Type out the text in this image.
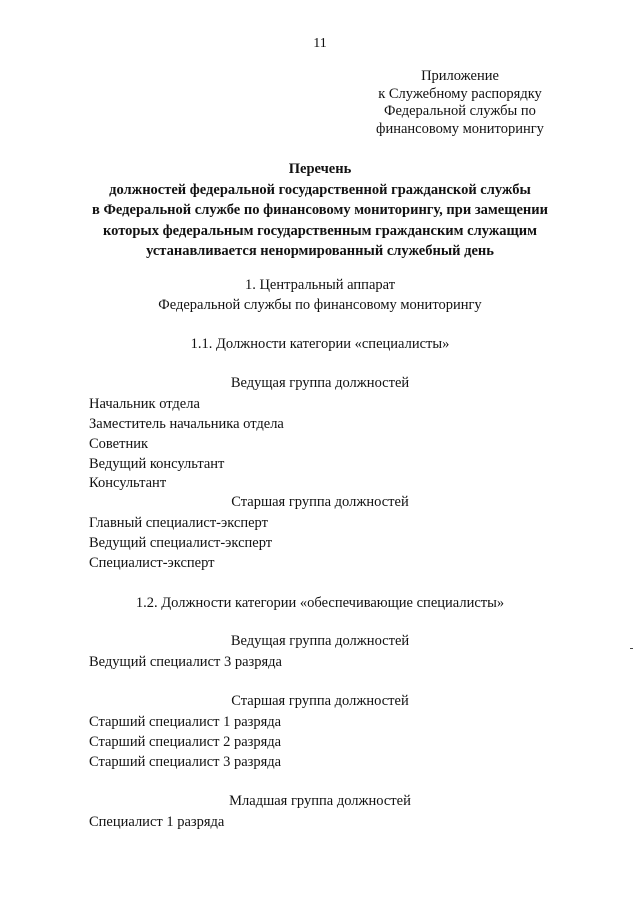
11
Приложение
к Служебному распорядку
Федеральной службы по
финансовому мониторингу
Перечень
должностей федеральной государственной гражданской службы
в Федеральной службе по финансовому мониторингу, при замещении
которых федеральным государственным гражданским служащим
устанавливается ненормированный служебный день
1. Центральный аппарат
Федеральной службы по финансовому мониторингу
1.1. Должности категории «специалисты»
Ведущая группа должностей
Начальник отдела
Заместитель начальника отдела
Советник
Ведущий консультант
Консультант
Старшая группа должностей
Главный специалист-эксперт
Ведущий специалист-эксперт
Специалист-эксперт
1.2. Должности категории «обеспечивающие специалисты»
Ведущая группа должностей
Ведущий специалист 3 разряда
Старшая группа должностей
Старший специалист 1 разряда
Старший специалист 2 разряда
Старший специалист 3 разряда
Младшая группа должностей
Специалист 1 разряда
